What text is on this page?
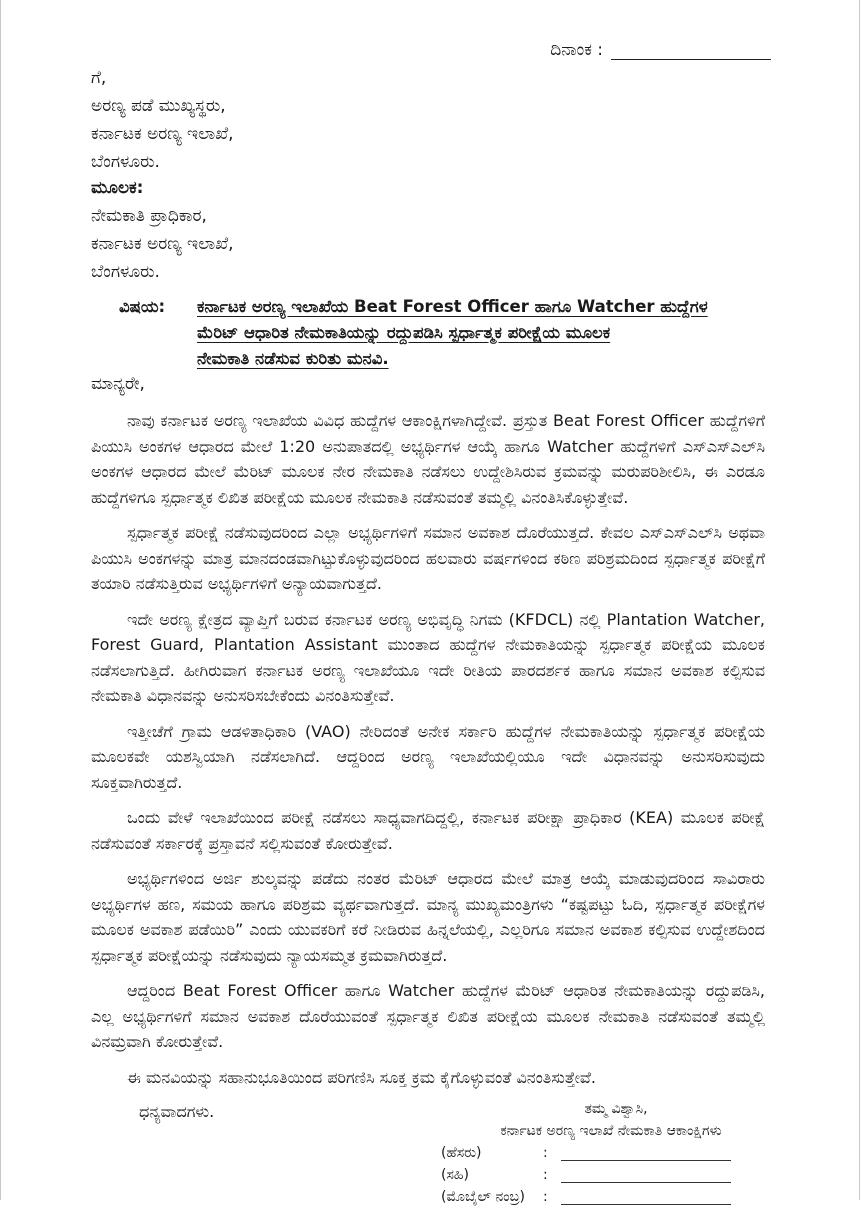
ದಿನಾಂಕ :
ಗೆ,
ಅರಣ್ಯ ಪಡೆ ಮುಖ್ಯಸ್ಥರು,
ಕರ್ನಾಟಕ ಅರಣ್ಯ ಇಲಾಖೆ,
ಬೆಂಗಳೂರು.
ಮೂಲಕ:
ನೇಮಕಾತಿ ಪ್ರಾಧಿಕಾರ,
ಕರ್ನಾಟಕ ಅರಣ್ಯ ಇಲಾಖೆ,
ಬೆಂಗಳೂರು.
ವಿಷಯ: ಕರ್ನಾಟಕ ಅರಣ್ಯ ಇಲಾಖೆಯ Beat Forest Officer ಹಾಗೂ Watcher ಹುದ್ದೆಗಳ
ಮೆರಿಟ್ ಆಧಾರಿತ ನೇಮಕಾತಿಯನ್ನು ರದ್ದುಪಡಿಸಿ ಸ್ಪರ್ಧಾತ್ಮಕ ಪರೀಕ್ಷೆಯ ಮೂಲಕ
ನೇಮಕಾತಿ ನಡೆಸುವ ಕುರಿತು ಮನವಿ.
ಮಾನ್ಯರೇ,

ನಾವು ಕರ್ನಾಟಕ ಅರಣ್ಯ ಇಲಾಖೆಯ ವಿವಿಧ ಹುದ್ದೆಗಳ ಆಕಾಂಕ್ಷಿಗಳಾಗಿದ್ದೇವೆ. ಪ್ರಸ್ತುತ Beat Forest Officer ಹುದ್ದೆಗಳಿಗೆ ಪಿಯುಸಿ ಅಂಕಗಳ ಆಧಾರದ ಮೇಲೆ 1:20 ಅನುಪಾತದಲ್ಲಿ ಅಭ್ಯರ್ಥಿಗಳ ಆಯ್ಕೆ ಹಾಗೂ Watcher ಹುದ್ದೆಗಳಿಗೆ ಎಸ್‌ಎಸ್‌ಎಲ್‌ಸಿ ಅಂಕಗಳ ಆಧಾರದ ಮೇಲೆ ಮೆರಿಟ್ ಮೂಲಕ ನೇರ ನೇಮಕಾತಿ ನಡೆಸಲು ಉದ್ದೇಶಿಸಿರುವ ಕ್ರಮವನ್ನು ಮರುಪರಿಶೀಲಿಸಿ, ಈ ಎರಡೂ ಹುದ್ದೆಗಳಿಗೂ ಸ್ಪರ್ಧಾತ್ಮಕ ಲಿಖಿತ ಪರೀಕ್ಷೆಯ ಮೂಲಕ ನೇಮಕಾತಿ ನಡೆಸುವಂತೆ ತಮ್ಮಲ್ಲಿ ವಿನಂತಿಸಿಕೊಳ್ಳುತ್ತೇವೆ.

ಸ್ಪರ್ಧಾತ್ಮಕ ಪರೀಕ್ಷೆ ನಡೆಸುವುದರಿಂದ ಎಲ್ಲಾ ಅಭ್ಯರ್ಥಿಗಳಿಗೆ ಸಮಾನ ಅವಕಾಶ ದೊರೆಯುತ್ತದೆ. ಕೇವಲ ಎಸ್‌ಎಸ್‌ಎಲ್‌ಸಿ ಅಥವಾ ಪಿಯುಸಿ ಅಂಕಗಳನ್ನು ಮಾತ್ರ ಮಾನದಂಡವಾಗಿಟ್ಟುಕೊಳ್ಳುವುದರಿಂದ ಹಲವಾರು ವರ್ಷಗಳಿಂದ ಕಠಿಣ ಪರಿಶ್ರಮದಿಂದ ಸ್ಪರ್ಧಾತ್ಮಕ ಪರೀಕ್ಷೆಗೆ ತಯಾರಿ ನಡೆಸುತ್ತಿರುವ ಅಭ್ಯರ್ಥಿಗಳಿಗೆ ಅನ್ಯಾಯವಾಗುತ್ತದೆ.

ಇದೇ ಅರಣ್ಯ ಕ್ಷೇತ್ರದ ವ್ಯಾಪ್ತಿಗೆ ಬರುವ ಕರ್ನಾಟಕ ಅರಣ್ಯ ಅಭಿವೃದ್ಧಿ ನಿಗಮ (KFDCL) ನಲ್ಲಿ Plantation Watcher, Forest Guard, Plantation Assistant ಮುಂತಾದ ಹುದ್ದೆಗಳ ನೇಮಕಾತಿಯನ್ನು ಸ್ಪರ್ಧಾತ್ಮಕ ಪರೀಕ್ಷೆಯ ಮೂಲಕ ನಡೆಸಲಾಗುತ್ತಿದೆ. ಹೀಗಿರುವಾಗ ಕರ್ನಾಟಕ ಅರಣ್ಯ ಇಲಾಖೆಯೂ ಇದೇ ರೀತಿಯ ಪಾರದರ್ಶಕ ಹಾಗೂ ಸಮಾನ ಅವಕಾಶ ಕಲ್ಪಿಸುವ ನೇಮಕಾತಿ ವಿಧಾನವನ್ನು ಅನುಸರಿಸಬೇಕೆಂದು ವಿನಂತಿಸುತ್ತೇವೆ.

ಇತ್ತೀಚೆಗೆ ಗ್ರಾಮ ಆಡಳಿತಾಧಿಕಾರಿ (VAO) ನೇರಿದಂತೆ ಅನೇಕ ಸರ್ಕಾರಿ ಹುದ್ದೆಗಳ ನೇಮಕಾತಿಯನ್ನು ಸ್ಪರ್ಧಾತ್ಮಕ ಪರೀಕ್ಷೆಯ ಮೂಲಕವೇ ಯಶಸ್ವಿಯಾಗಿ ನಡೆಸಲಾಗಿದೆ. ಆದ್ದರಿಂದ ಅರಣ್ಯ ಇಲಾಖೆಯಲ್ಲಿಯೂ ಇದೇ ವಿಧಾನವನ್ನು ಅನುಸರಿಸುವುದು ಸೂಕ್ತವಾಗಿರುತ್ತದೆ.

ಒಂದು ವೇಳೆ ಇಲಾಖೆಯಿಂದ ಪರೀಕ್ಷೆ ನಡೆಸಲು ಸಾಧ್ಯವಾಗದಿದ್ದಲ್ಲಿ, ಕರ್ನಾಟಕ ಪರೀಕ್ಷಾ ಪ್ರಾಧಿಕಾರ (KEA) ಮೂಲಕ ಪರೀಕ್ಷೆ ನಡೆಸುವಂತೆ ಸರ್ಕಾರಕ್ಕೆ ಪ್ರಸ್ತಾವನೆ ಸಲ್ಲಿಸುವಂತೆ ಕೋರುತ್ತೇವೆ.

ಅಭ್ಯರ್ಥಿಗಳಿಂದ ಅರ್ಜಿ ಶುಲ್ಕವನ್ನು ಪಡೆದು ನಂತರ ಮೆರಿಟ್ ಆಧಾರದ ಮೇಲೆ ಮಾತ್ರ ಆಯ್ಕೆ ಮಾಡುವುದರಿಂದ ಸಾವಿರಾರು ಅಭ್ಯರ್ಥಿಗಳ ಹಣ, ಸಮಯ ಹಾಗೂ ಪರಿಶ್ರಮ ವ್ಯರ್ಥವಾಗುತ್ತದೆ. ಮಾನ್ಯ ಮುಖ್ಯಮಂತ್ರಿಗಳು “ಕಷ್ಟಪಟ್ಟು ಓದಿ, ಸ್ಪರ್ಧಾತ್ಮಕ ಪರೀಕ್ಷೆಗಳ ಮೂಲಕ ಅವಕಾಶ ಪಡೆಯಿರಿ” ಎಂದು ಯುವಕರಿಗೆ ಕರೆ ನೀಡಿರುವ ಹಿನ್ನಲೆಯಲ್ಲಿ, ಎಲ್ಲರಿಗೂ ಸಮಾನ ಅವಕಾಶ ಕಲ್ಪಿಸುವ ಉದ್ದೇಶದಿಂದ ಸ್ಪರ್ಧಾತ್ಮಕ ಪರೀಕ್ಷೆಯನ್ನು ನಡೆಸುವುದು ನ್ಯಾಯಸಮ್ಮತ ಕ್ರಮವಾಗಿರುತ್ತದೆ.

ಆದ್ದರಿಂದ Beat Forest Officer ಹಾಗೂ Watcher ಹುದ್ದೆಗಳ ಮೆರಿಟ್ ಆಧಾರಿತ ನೇಮಕಾತಿಯನ್ನು ರದ್ದುಪಡಿಸಿ, ಎಲ್ಲ ಅಭ್ಯರ್ಥಿಗಳಿಗೆ ಸಮಾನ ಅವಕಾಶ ದೊರೆಯುವಂತೆ ಸ್ಪರ್ಧಾತ್ಮಕ ಲಿಖಿತ ಪರೀಕ್ಷೆಯ ಮೂಲಕ ನೇಮಕಾತಿ ನಡೆಸುವಂತೆ ತಮ್ಮಲ್ಲಿ ವಿನಮ್ರವಾಗಿ ಕೋರುತ್ತೇವೆ.

ಈ ಮನವಿಯನ್ನು ಸಹಾನುಭೂತಿಯಿಂದ ಪರಿಗಣಿಸಿ ಸೂಕ್ತ ಕ್ರಮ ಕೈಗೊಳ್ಳುವಂತೆ ವಿನಂತಿಸುತ್ತೇವೆ.

ಧನ್ಯವಾದಗಳು.	ತಮ್ಮ ವಿಶ್ವಾಸಿ,
ಕರ್ನಾಟಕ ಅರಣ್ಯ ಇಲಾಖೆ ನೇಮಕಾತಿ ಆಕಾಂಕ್ಷಿಗಳು
(ಹೆಸರು)	:
(ಸಹಿ)	:
(ಮೊಬೈಲ್ ನಂಬ್ರ)	:
